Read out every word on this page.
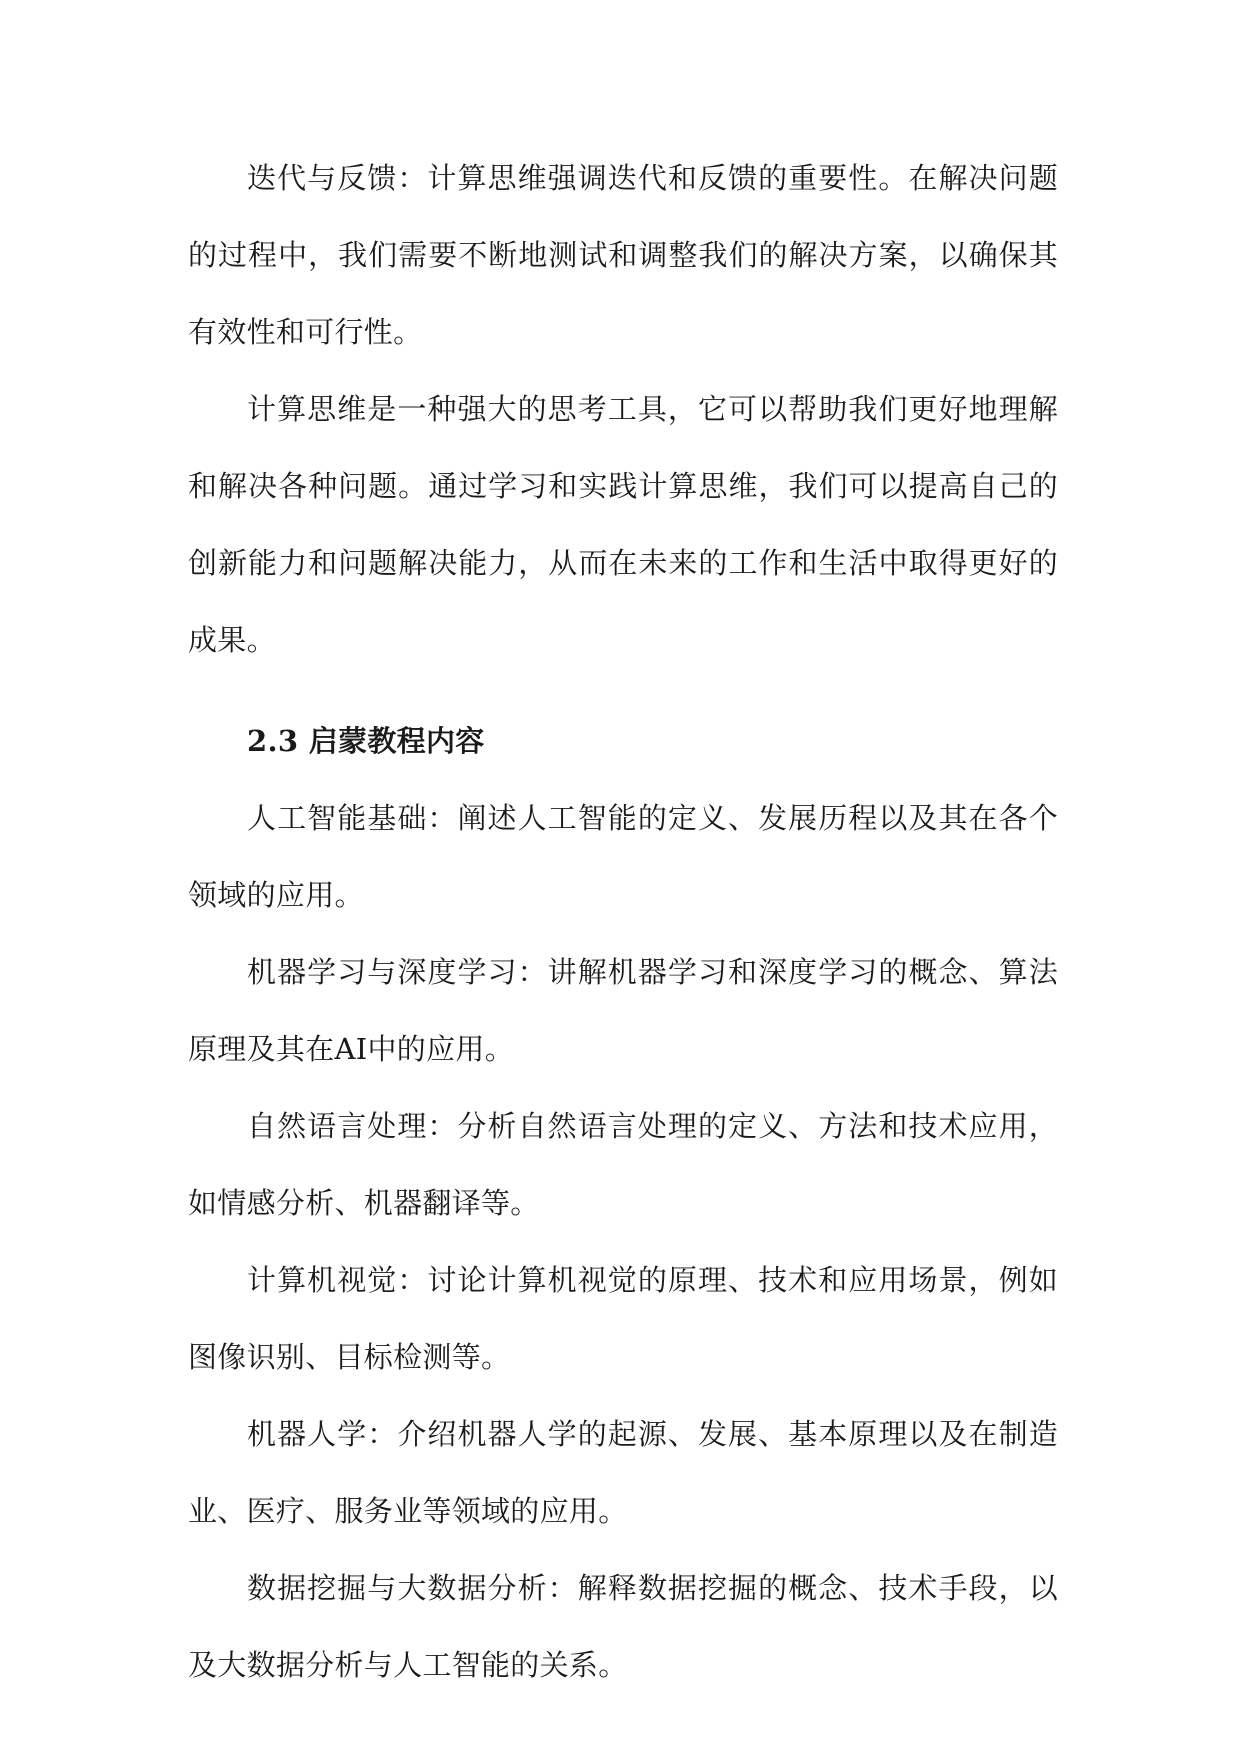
迭代与反馈：计算思维强调迭代和反馈的重要性。在解决问题的过程中，我们需要不断地测试和调整我们的解决方案，以确保其有效性和可行性。

计算思维是一种强大的思考工具，它可以帮助我们更好地理解和解决各种问题。通过学习和实践计算思维，我们可以提高自己的创新能力和问题解决能力，从而在未来的工作和生活中取得更好的成果。

2.3 启蒙教程内容

人工智能基础：阐述人工智能的定义、发展历程以及其在各个领域的应用。

机器学习与深度学习：讲解机器学习和深度学习的概念、算法原理及其在AI中的应用。

自然语言处理：分析自然语言处理的定义、方法和技术应用，如情感分析、机器翻译等。

计算机视觉：讨论计算机视觉的原理、技术和应用场景，例如图像识别、目标检测等。

机器人学：介绍机器人学的起源、发展、基本原理以及在制造业、医疗、服务业等领域的应用。

数据挖掘与大数据分析：解释数据挖掘的概念、技术手段，以及大数据分析与人工智能的关系。
